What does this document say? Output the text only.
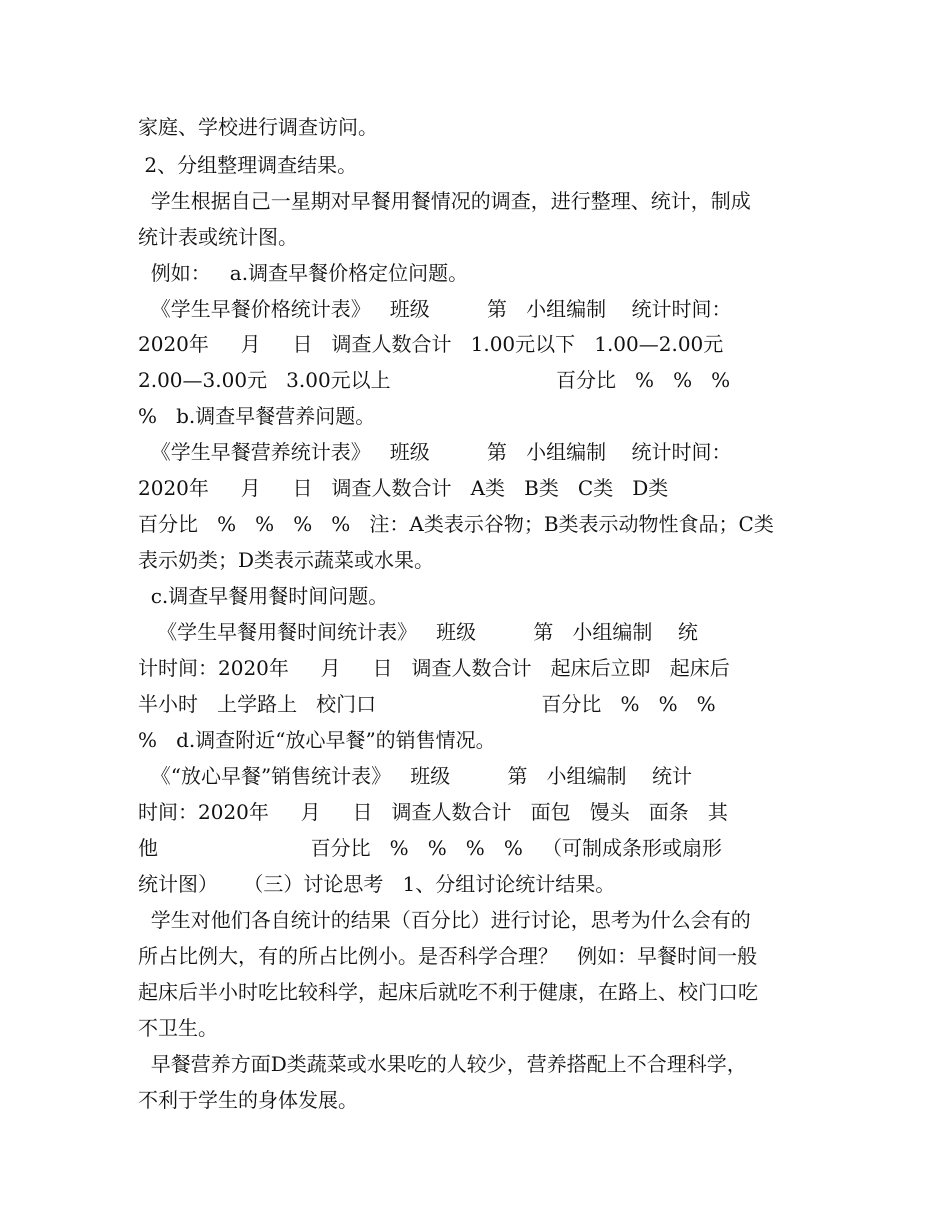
家庭、学校进行调查访问。
2、分组整理调查结果。
学生根据自己一星期对早餐用餐情况的调查，进行整理、统计，制成
统计表或统计图。
例如：   a.调查早餐价格定位问题。
《学生早餐价格统计表》   班级         第   小组编制    统计时间：
2020年     月     日   调查人数合计   1.00元以下   1.00—2.00元
2.00—3.00元   3.00元以上                          百分比   %   %   %
%   b.调查早餐营养问题。
《学生早餐营养统计表》   班级         第   小组编制    统计时间：
2020年     月     日   调查人数合计   A类   B类   C类   D类
百分比   %   %   %   %   注：A类表示谷物；B类表示动物性食品；C类
表示奶类；D类表示蔬菜或水果。
c.调查早餐用餐时间问题。
《学生早餐用餐时间统计表》   班级         第   小组编制    统
计时间：2020年     月     日   调查人数合计   起床后立即   起床后
半小时   上学路上   校门口                          百分比   %   %   %
%   d.调查附近“放心早餐”的销售情况。
《“放心早餐”销售统计表》   班级         第   小组编制    统计
时间：2020年     月     日   调查人数合计   面包   馒头   面条   其
他                        百分比   %   %   %   %   （可制成条形或扇形
统计图）    （三）讨论思考   1、分组讨论统计结果。
学生对他们各自统计的结果（百分比）进行讨论，思考为什么会有的
所占比例大，有的所占比例小。是否科学合理？   例如：早餐时间一般
起床后半小时吃比较科学，起床后就吃不利于健康，在路上、校门口吃
不卫生。
早餐营养方面D类蔬菜或水果吃的人较少，营养搭配上不合理科学，
不利于学生的身体发展。
